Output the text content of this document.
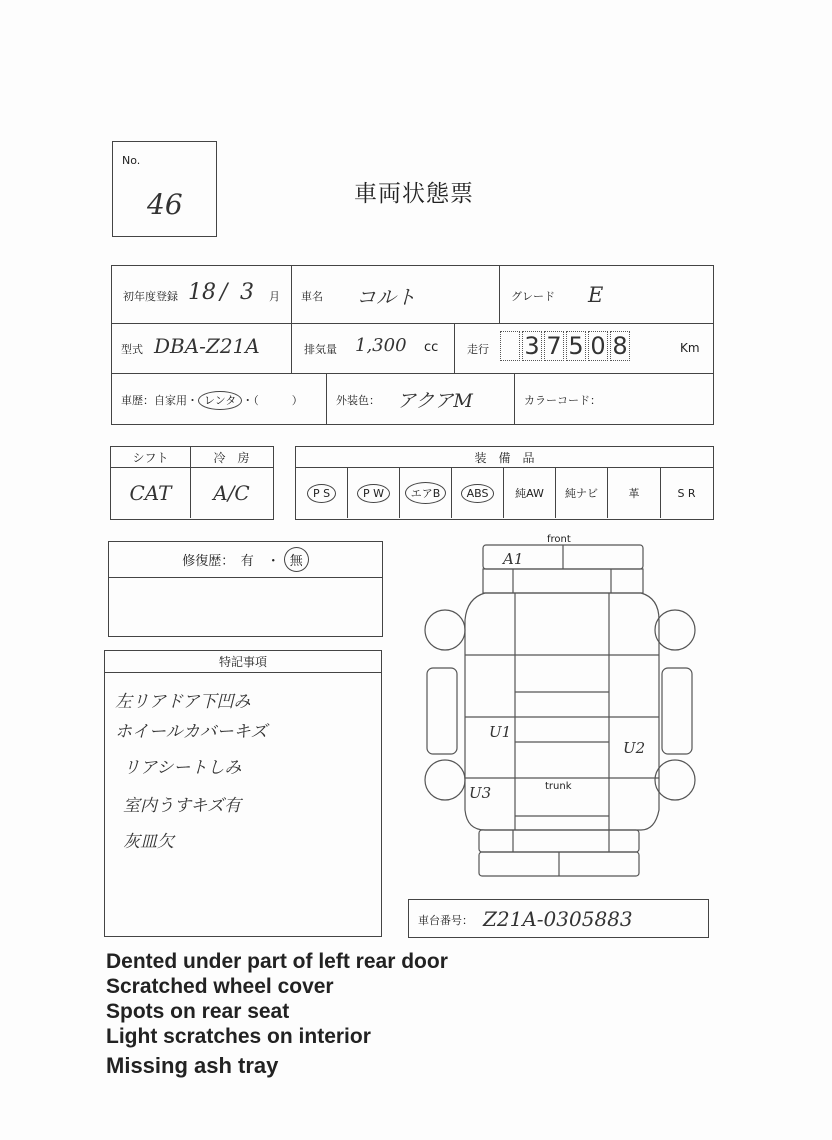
No.
46	車両状態票
初年度登録 18 / 3 月 車名 コルト	グレード E
型式 DBA-Z21A	排気量 1,300 cc	走行	3 7 5 0 8	Km
車歴：自家用・ レンタ ・（　　　）	外装色： アクアM	カラーコード：
シフト	冷　房
CAT A/C
装　備　品
P S	P W	エアB	ABS	純AW 純ナビ	革	S R
修復歴：　有　・ 無
特記事項
左リアドア下凹み
ホイールカバーキズ
リアシートしみ
室内うすキズ有
灰皿欠
front
trunk
A1
U1
U2
U3
車台番号： Z21A-0305883
Dented under part of left rear door
Scratched wheel cover
Spots on rear seat
Light scratches on interior
Missing ash tray
